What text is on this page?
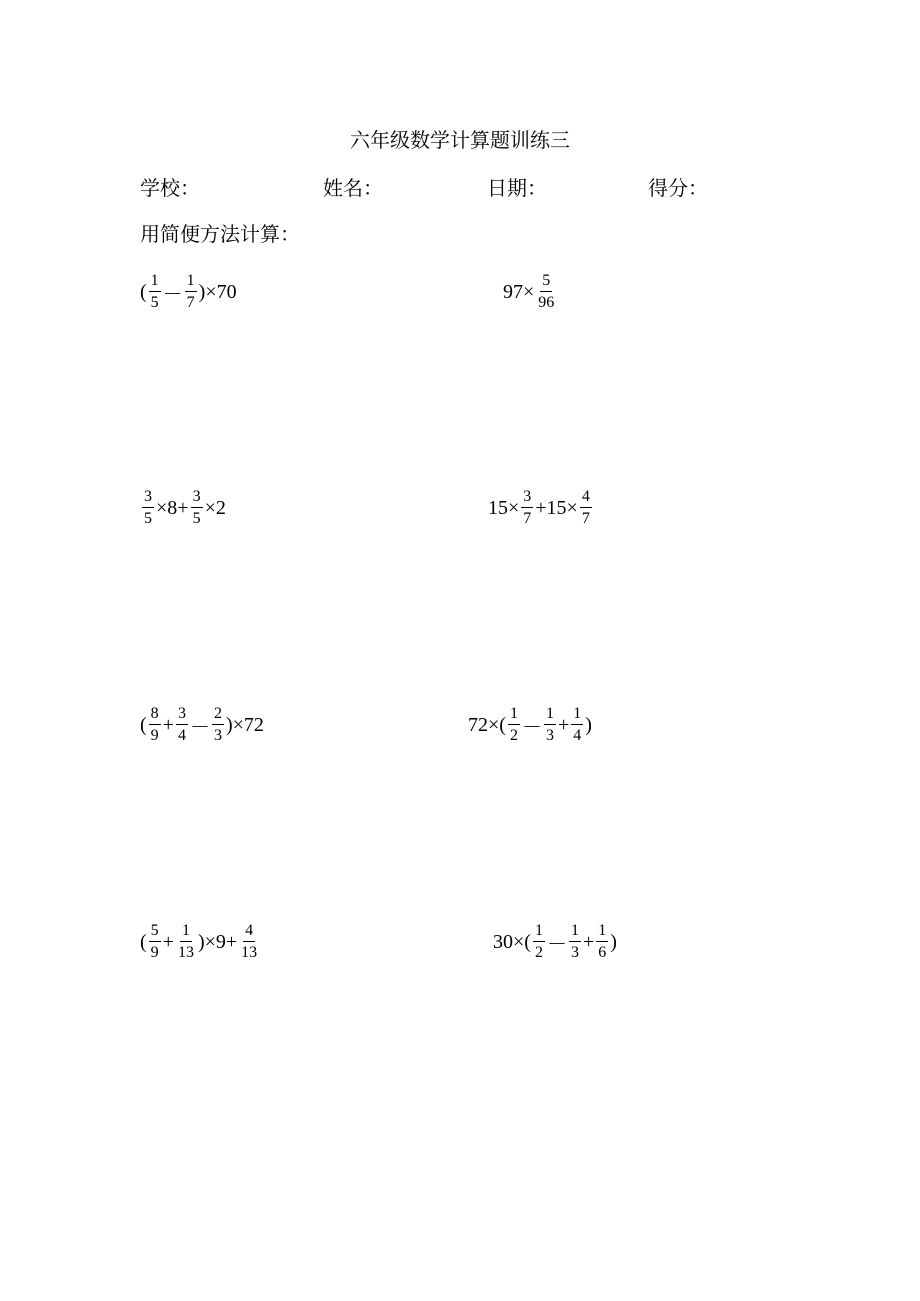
六年级数学计算题训练三
学校：	姓名：	日期：	得分：
用简便方法计算：
( $\frac{1}{5} - \frac{1}{7} )\times 70$	$97\times \frac{5}{96}$
$\frac{3}{5} \times 8+ \frac{3}{5} \times 2$	$15\times \frac{3}{7} +15\times \frac{4}{7}$
( $\frac{8}{9} + \frac{3}{4} - \frac{2}{3} )\times 72$	$72\times( \frac{1}{2} - \frac{1}{3} + \frac{1}{4}$ )
( $\frac{5}{9} + \frac{1}{13} )\times 9+ \frac{4}{13}$	$30\times( \frac{1}{2} - \frac{1}{3} + \frac{1}{6}$ )
